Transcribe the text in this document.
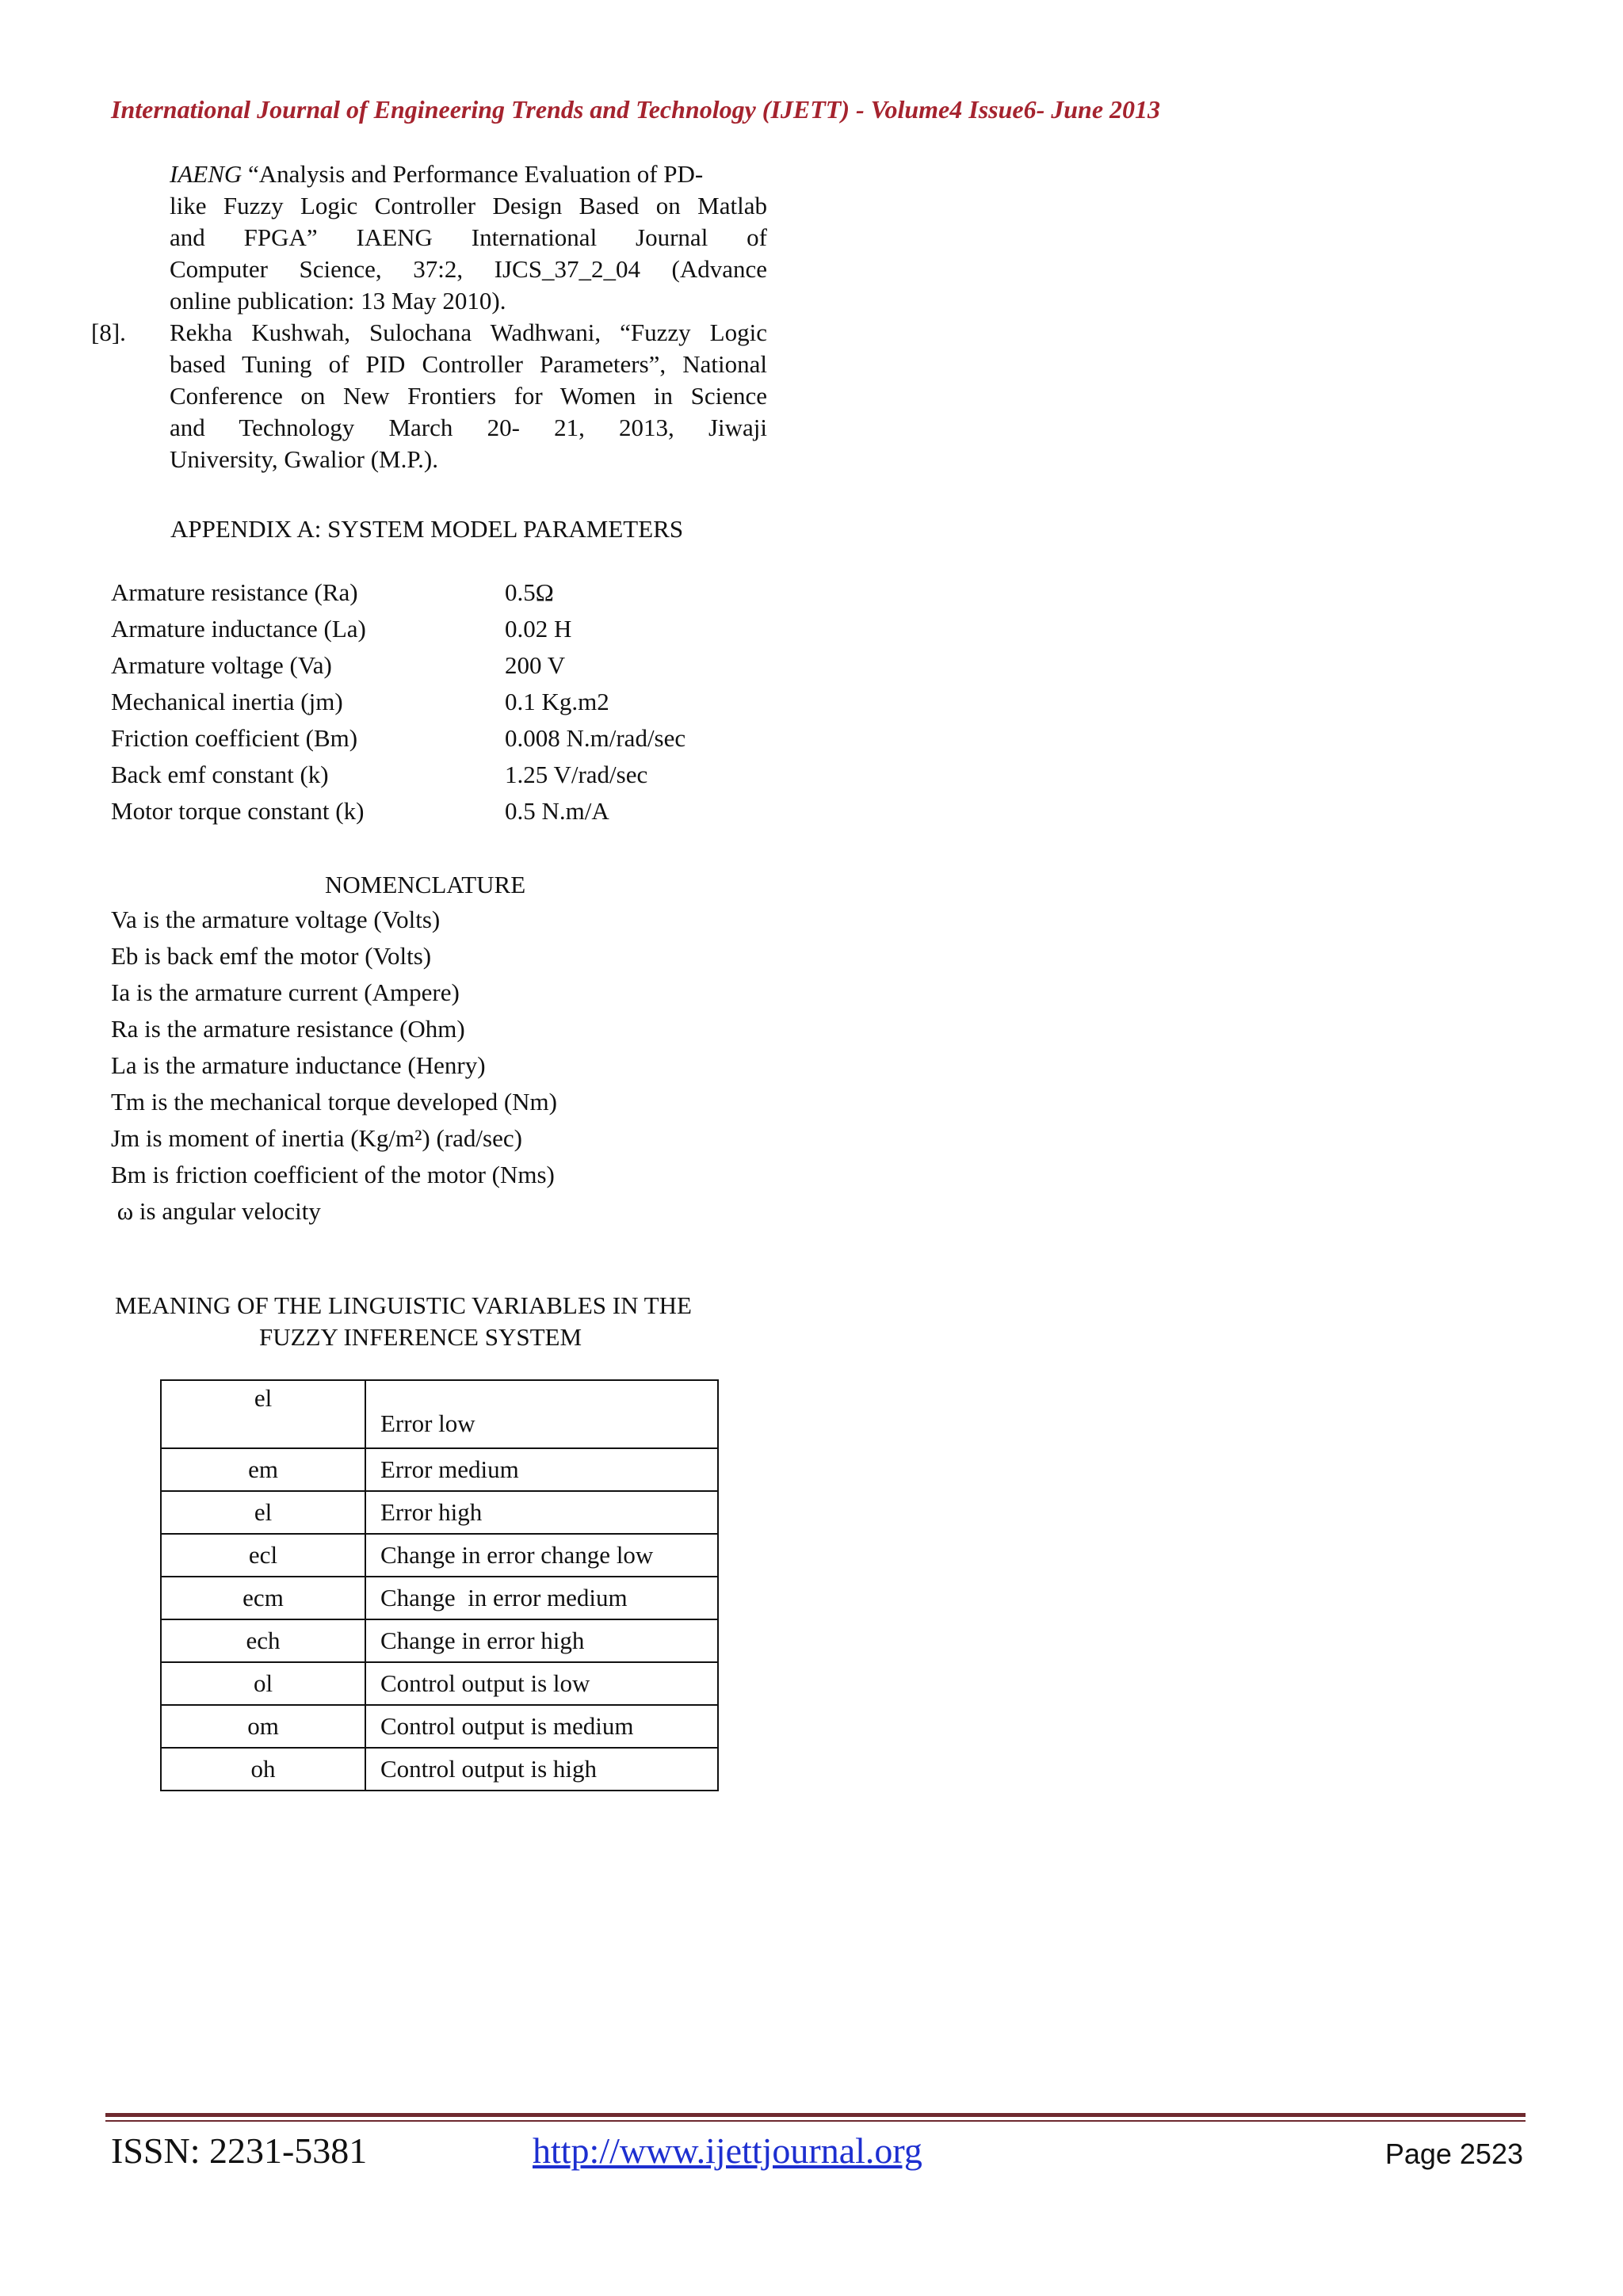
International Journal of Engineering Trends and Technology (IJETT) - Volume4 Issue6- June 2013
IAENG “Analysis and Performance Evaluation of PD-
like Fuzzy Logic Controller Design Based on Matlab
and FPGA” IAENG International Journal of
Computer Science, 37:2, IJCS_37_2_04 (Advance
online publication: 13 May 2010).
[8]. Rekha Kushwah, Sulochana Wadhwani, “Fuzzy Logic
based Tuning of PID Controller Parameters”, National
Conference on New Frontiers for Women in Science
and Technology March 20- 21, 2013, Jiwaji
University, Gwalior (M.P.).
APPENDIX A: SYSTEM MODEL PARAMETERS
Armature resistance (Ra)	0.5Ω
Armature inductance (La)	0.02 H
Armature voltage (Va)	200 V
Mechanical inertia (jm)	0.1 Kg.m2
Friction coefficient (Bm)	0.008 N.m/rad/sec
Back emf constant (k)	1.25 V/rad/sec
Motor torque constant (k)	0.5 N.m/A
NOMENCLATURE
Va is the armature voltage (Volts)
Eb is back emf the motor (Volts)
Ia is the armature current (Ampere)
Ra is the armature resistance (Ohm)
La is the armature inductance (Henry)
Tm is the mechanical torque developed (Nm)
Jm is moment of inertia (Kg/m²) (rad/sec)
Bm is friction coefficient of the motor (Nms)
ω is angular velocity
MEANING OF THE LINGUISTIC VARIABLES IN THE
FUZZY INFERENCE SYSTEM
el	Error low
em	Error medium
el	Error high
ecl	Change in error change low
ecm	Change  in error medium
ech	Change in error high
ol	Control output is low
om	Control output is medium
oh	Control output is high
ISSN: 2231-5381	http://www.ijettjournal.org	Page 2523
